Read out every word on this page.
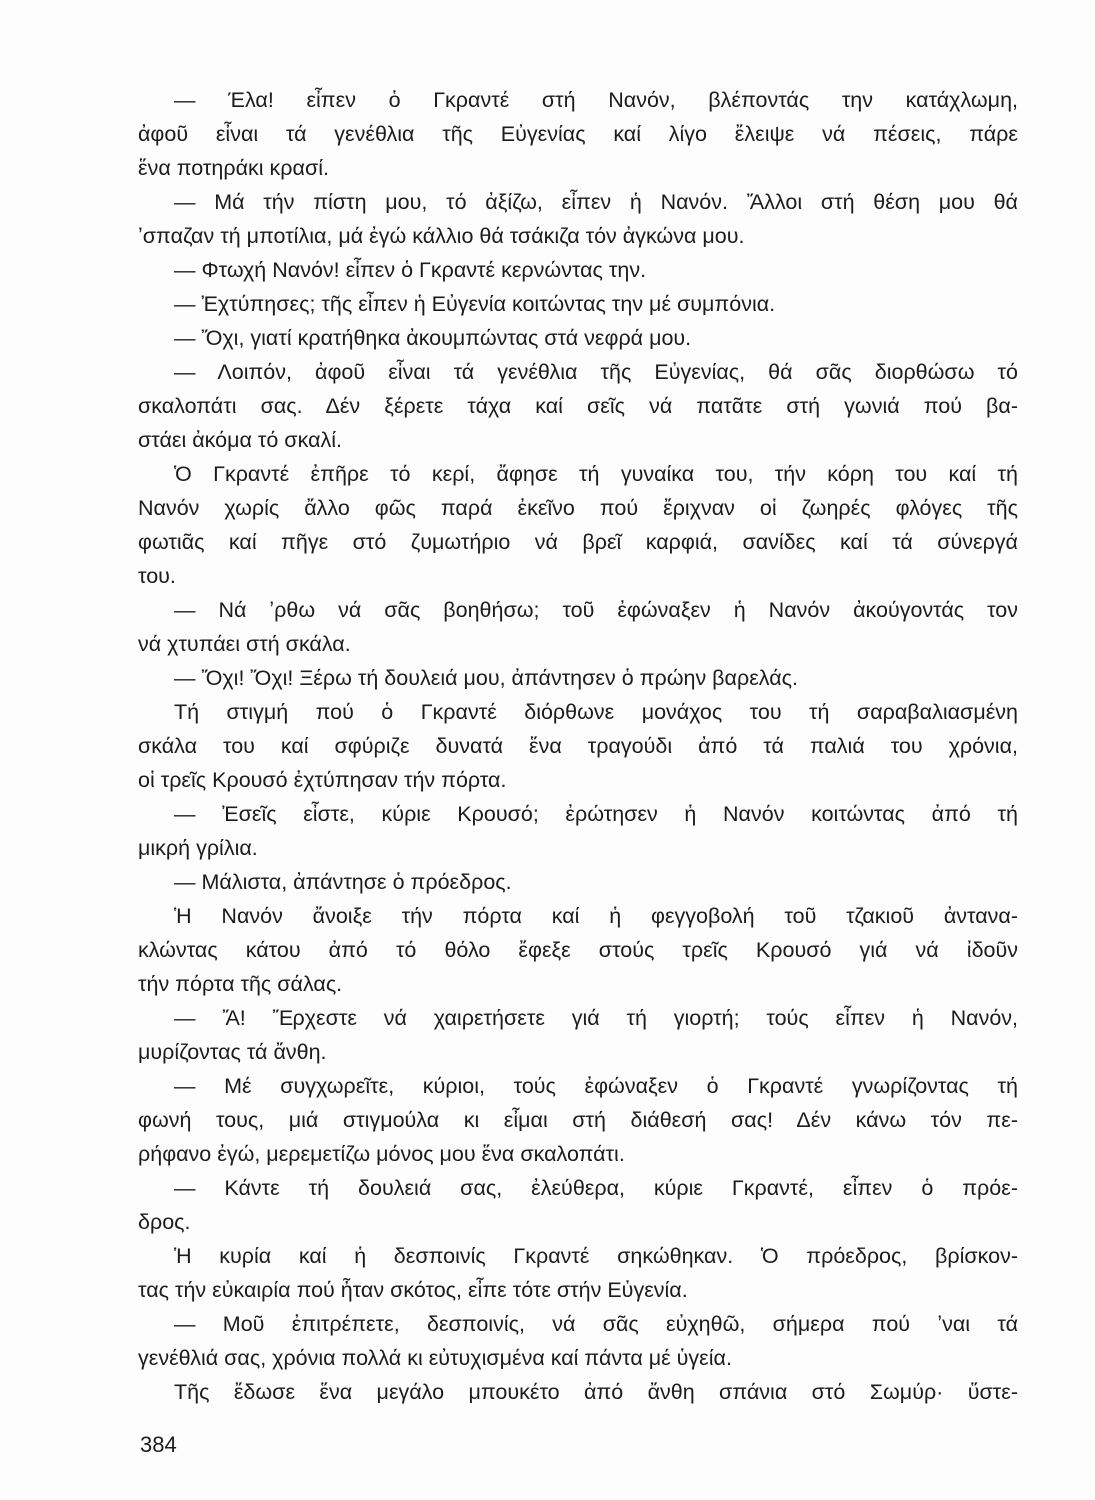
— Έλα! εἶπεν ὁ Γκραντέ στή Νανόν, βλέποντάς την κατάχλωμη,
ἀφοῦ εἶναι τά γενέθλια τῆς Εὐγενίας καί λίγο ἔλειψε νά πέσεις, πάρε
ἕνα ποτηράκι κρασί.
— Μά τήν πίστη μου, τό ἀξίζω, εἶπεν ἡ Νανόν. Ἄλλοι στή θέση μου θά
ʼσπαζαν τή μποτίλια, μά ἐγώ κάλλιο θά τσάκιζα τόν ἀγκώνα μου.
— Φτωχή Νανόν! εἶπεν ὁ Γκραντέ κερνώντας την.
— Ἐχτύπησες; τῆς εἶπεν ἡ Εὐγενία κοιτώντας την μέ συμπόνια.
— Ὄχι, γιατί κρατήθηκα ἀκουμπώντας στά νεφρά μου.
— Λοιπόν, ἀφοῦ εἶναι τά γενέθλια τῆς Εὐγενίας, θά σᾶς διορθώσω τό
σκαλοπάτι σας. Δέν ξέρετε τάχα καί σεῖς νά πατᾶτε στή γωνιά πού βα-
στάει ἀκόμα τό σκαλί.
Ὁ Γκραντέ ἐπῆρε τό κερί, ἄφησε τή γυναίκα του, τήν κόρη του καί τή
Νανόν χωρίς ἄλλο φῶς παρά ἐκεῖνο πού ἔριχναν οἱ ζωηρές φλόγες τῆς
φωτιᾶς καί πῆγε στό ζυμωτήριο νά βρεῖ καρφιά, σανίδες καί τά σύνεργά
του.
— Νά ʼρθω νά σᾶς βοηθήσω; τοῦ ἐφώναξεν ἡ Νανόν ἀκούγοντάς τον
νά χτυπάει στή σκάλα.
— Ὄχι! Ὄχι! Ξέρω τή δουλειά μου, ἀπάντησεν ὁ πρώην βαρελάς.
Τή στιγμή πού ὁ Γκραντέ διόρθωνε μονάχος του τή σαραβαλιασμένη
σκάλα του καί σφύριζε δυνατά ἕνα τραγούδι ἀπό τά παλιά του χρόνια,
οἱ τρεῖς Κρουσό ἐχτύπησαν τήν πόρτα.
— Ἐσεῖς εἶστε, κύριε Κρουσό; ἐρώτησεν ἡ Νανόν κοιτώντας ἀπό τή
μικρή γρίλια.
— Μάλιστα, ἀπάντησε ὁ πρόεδρος.
Ἡ Νανόν ἄνοιξε τήν πόρτα καί ἡ φεγγοβολή τοῦ τζακιοῦ ἀντανα-
κλώντας κάτου ἀπό τό θόλο ἔφεξε στούς τρεῖς Κρουσό γιά νά ἰδοῦν
τήν πόρτα τῆς σάλας.
— Ἄ! Ἔρχεστε νά χαιρετήσετε γιά τή γιορτή; τούς εἶπεν ἡ Νανόν,
μυρίζοντας τά ἄνθη.
— Μέ συγχωρεῖτε, κύριοι, τούς ἐφώναξεν ὁ Γκραντέ γνωρίζοντας τή
φωνή τους, μιά στιγμούλα κι εἶμαι στή διάθεσή σας! Δέν κάνω τόν πε-
ρήφανο ἐγώ, μερεμετίζω μόνος μου ἕνα σκαλοπάτι.
— Κάντε τή δουλειά σας, ἐλεύθερα, κύριε Γκραντέ, εἶπεν ὁ πρόε-
δρος.
Ἡ κυρία καί ἡ δεσποινίς Γκραντέ σηκώθηκαν. Ὁ πρόεδρος, βρίσκον-
τας τήν εὐκαιρία πού ἦταν σκότος, εἶπε τότε στήν Εὐγενία.
— Μοῦ ἐπιτρέπετε, δεσποινίς, νά σᾶς εὐχηθῶ, σήμερα πού ʼναι τά
γενέθλιά σας, χρόνια πολλά κι εὐτυχισμένα καί πάντα μέ ὑγεία.
Τῆς ἔδωσε ἕνα μεγάλο μπουκέτο ἀπό ἄνθη σπάνια στό Σωμύρ· ὕστε-
384
